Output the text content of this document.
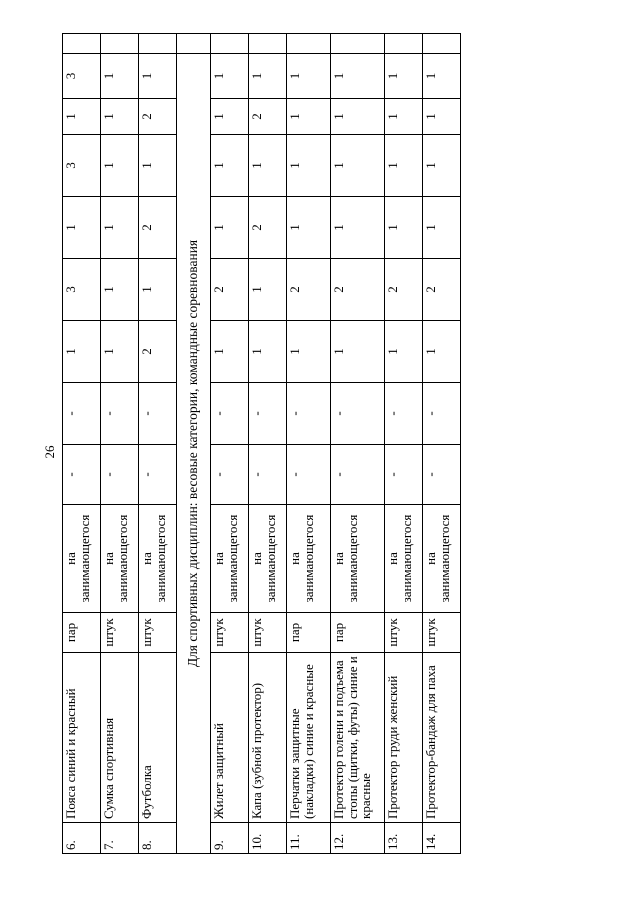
26
6.	Пояса синий и красный	пар	на занимающегося	-	-	1	3	1	3	1	3	
7.	Сумка спортивная	штук	на занимающегося	-	-	1	1	1	1	1	1	
8.	Футболка	штук	на занимающегося	-	-	2	1	2	1	2	1	
Для спортивных дисциплин: весовые категории, командные соревнования												
9.	Жилет защитный	штук	на занимающегося	-	-	1	2	1	1	1	1	
10.	Капа (зубной протектор)	штук	на занимающегося	-	-	1	1	2	1	2	1	
11.	Перчатки защитные (накладки) синие и красные	пар	на занимающегося	-	-	1	2	1	1	1	1	
12.	Протектор голени и подъема стопы (щитки, футы) синие и красные	пар	на занимающегося	-	-	1	2	1	1	1	1	
13.	Протектор груди женский	штук	на занимающегося	-	-	1	2	1	1	1	1	
14.	Протектор-бандаж для паха	штук	на занимающегося	-	-	1	2	1	1	1	1	
